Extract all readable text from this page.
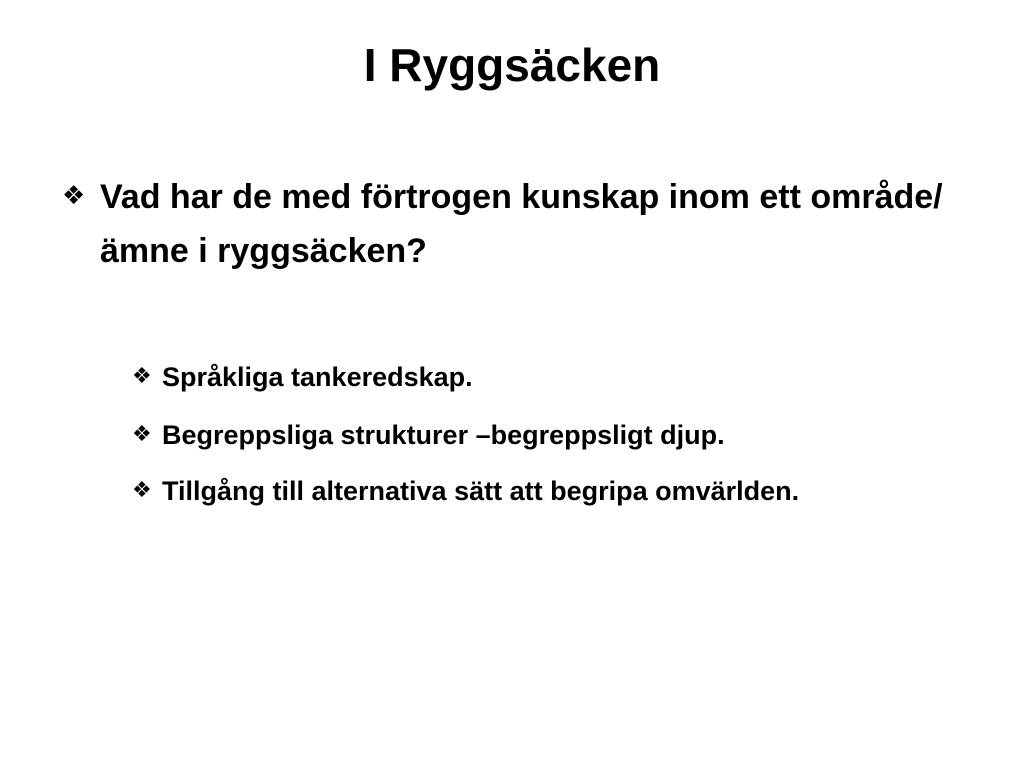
I Ryggsäcken
❖ Vad har de med förtrogen kunskap inom ett område/ämne i ryggsäcken?
❖ Språkliga tankeredskap.
❖ Begreppsliga strukturer –begreppsligt djup.
❖ Tillgång till alternativa sätt att begripa omvärlden.
